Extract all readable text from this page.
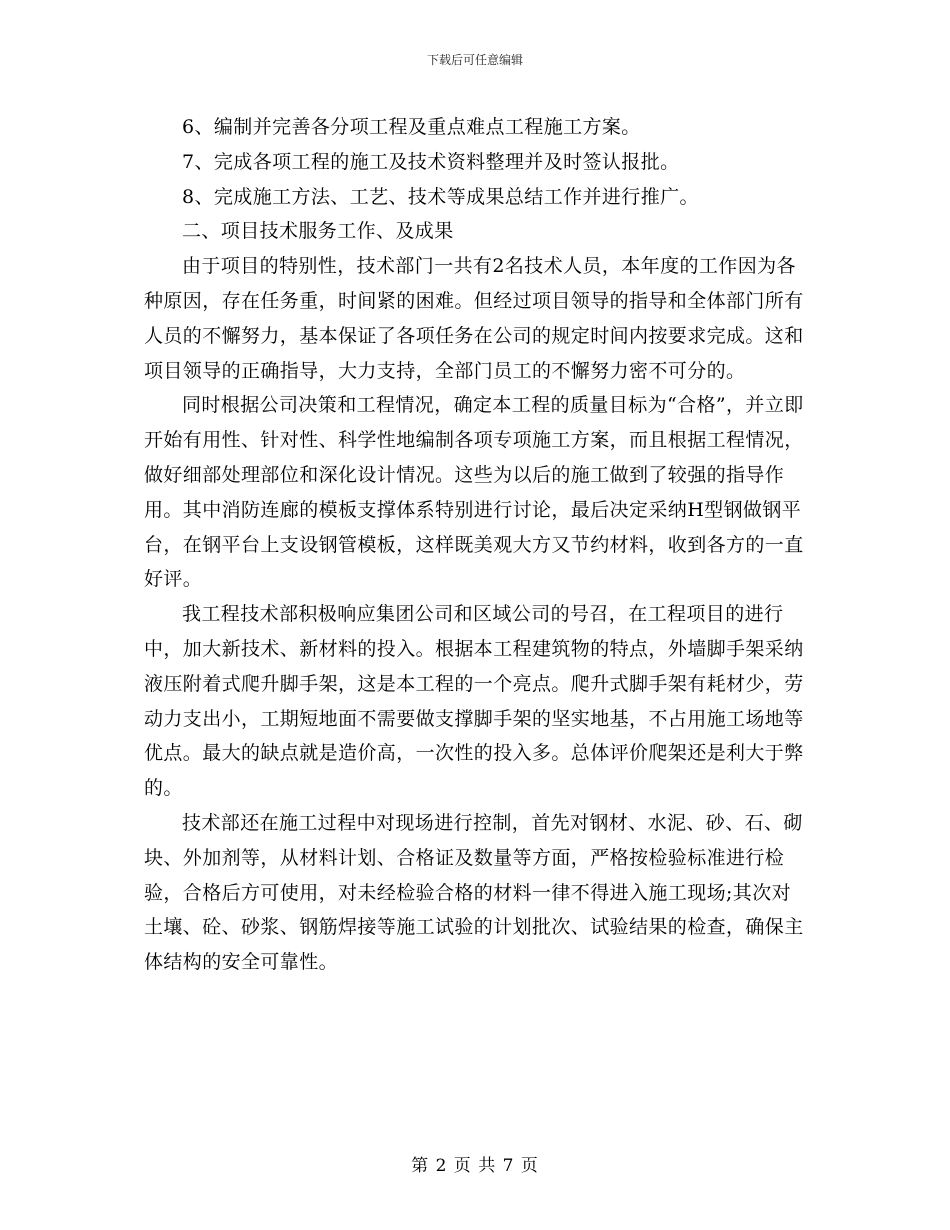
下载后可任意编辑

6、编制并完善各分项工程及重点难点工程施工方案。

7、完成各项工程的施工及技术资料整理并及时签认报批。

8、完成施工方法、工艺、技术等成果总结工作并进行推广。

二、项目技术服务工作、及成果

由于项目的特别性，技术部门一共有2名技术人员，本年度的工作因为各种原因，存在任务重，时间紧的困难。但经过项目领导的指导和全体部门所有人员的不懈努力，基本保证了各项任务在公司的规定时间内按要求完成。这和项目领导的正确指导，大力支持，全部门员工的不懈努力密不可分的。

同时根据公司决策和工程情况，确定本工程的质量目标为“合格”，并立即开始有用性、针对性、科学性地编制各项专项施工方案，而且根据工程情况，做好细部处理部位和深化设计情况。这些为以后的施工做到了较强的指导作用。其中消防连廊的模板支撑体系特别进行讨论，最后决定采纳H型钢做钢平台，在钢平台上支设钢管模板，这样既美观大方又节约材料，收到各方的一直好评。

我工程技术部积极响应集团公司和区域公司的号召，在工程项目的进行中，加大新技术、新材料的投入。根据本工程建筑物的特点，外墙脚手架采纳液压附着式爬升脚手架，这是本工程的一个亮点。爬升式脚手架有耗材少，劳动力支出小，工期短地面不需要做支撑脚手架的坚实地基，不占用施工场地等优点。最大的缺点就是造价高，一次性的投入多。总体评价爬架还是利大于弊的。

技术部还在施工过程中对现场进行控制，首先对钢材、水泥、砂、石、砌块、外加剂等，从材料计划、合格证及数量等方面，严格按检验标准进行检验，合格后方可使用，对未经检验合格的材料一律不得进入施工现场;其次对土壤、砼、砂浆、钢筋焊接等施工试验的计划批次、试验结果的检查，确保主体结构的安全可靠性。

第 2 页 共 7 页
